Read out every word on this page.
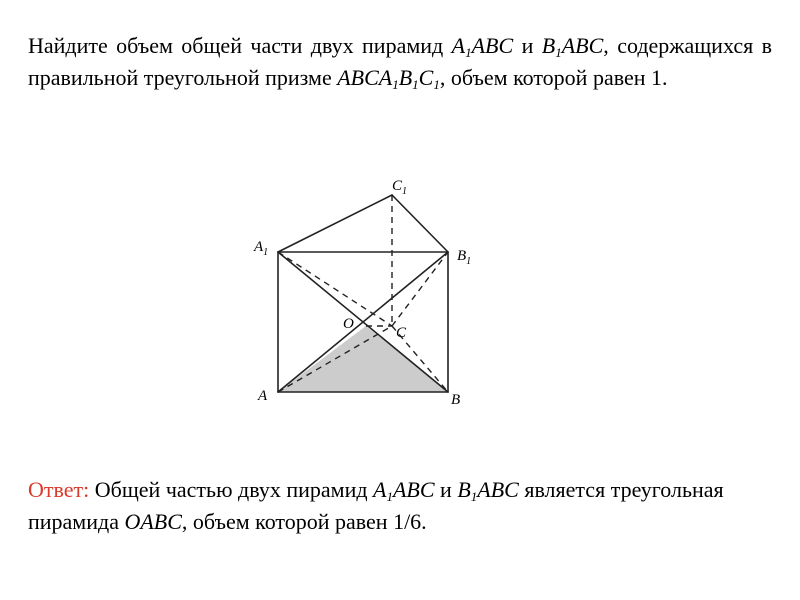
Найдите объем общей части двух пирамид $A_1ABC$ и $B_1ABC$, содержащихся в правильной треугольной призме $ABCA_1B_1C_1$, объем которой равен 1.
$C_1$
$A_1$	$B_1$
O
C
A	B
Ответ: Общей частью двух пирамид $A_1ABC$ и $B_1ABC$ является треугольная пирамида OABC, объем которой равен 1/6.
